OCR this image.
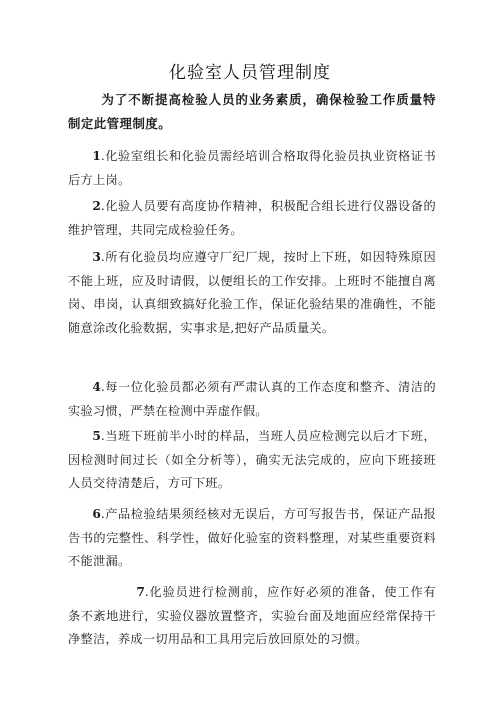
化验室人员管理制度

为了不断提高检验人员的业务素质，确保检验工作质量特制定此管理制度。

1.化验室组长和化验员需经培训合格取得化验员执业资格证书后方上岗。

2.化验人员要有高度协作精神，积极配合组长进行仪器设备的维护管理，共同完成检验任务。

3.所有化验员均应遵守厂纪厂规，按时上下班，如因特殊原因不能上班，应及时请假，以便组长的工作安排。上班时不能擅自离岗、串岗，认真细致搞好化验工作，保证化验结果的准确性，不能随意涂改化验数据，实事求是,把好产品质量关。

4.每一位化验员都必须有严肃认真的工作态度和整齐、清洁的实验习惯，严禁在检测中弄虚作假。

5.当班下班前半小时的样品，当班人员应检测完以后才下班，因检测时间过长（如全分析等），确实无法完成的，应向下班接班人员交待清楚后，方可下班。

6.产品检验结果须经核对无误后，方可写报告书，保证产品报告书的完整性、科学性，做好化验室的资料整理，对某些重要资料不能泄漏。

7.化验员进行检测前，应作好必须的准备，使工作有条不紊地进行，实验仪器放置整齐，实验台面及地面应经常保持干净整洁，养成一切用品和工具用完后放回原处的习惯。
